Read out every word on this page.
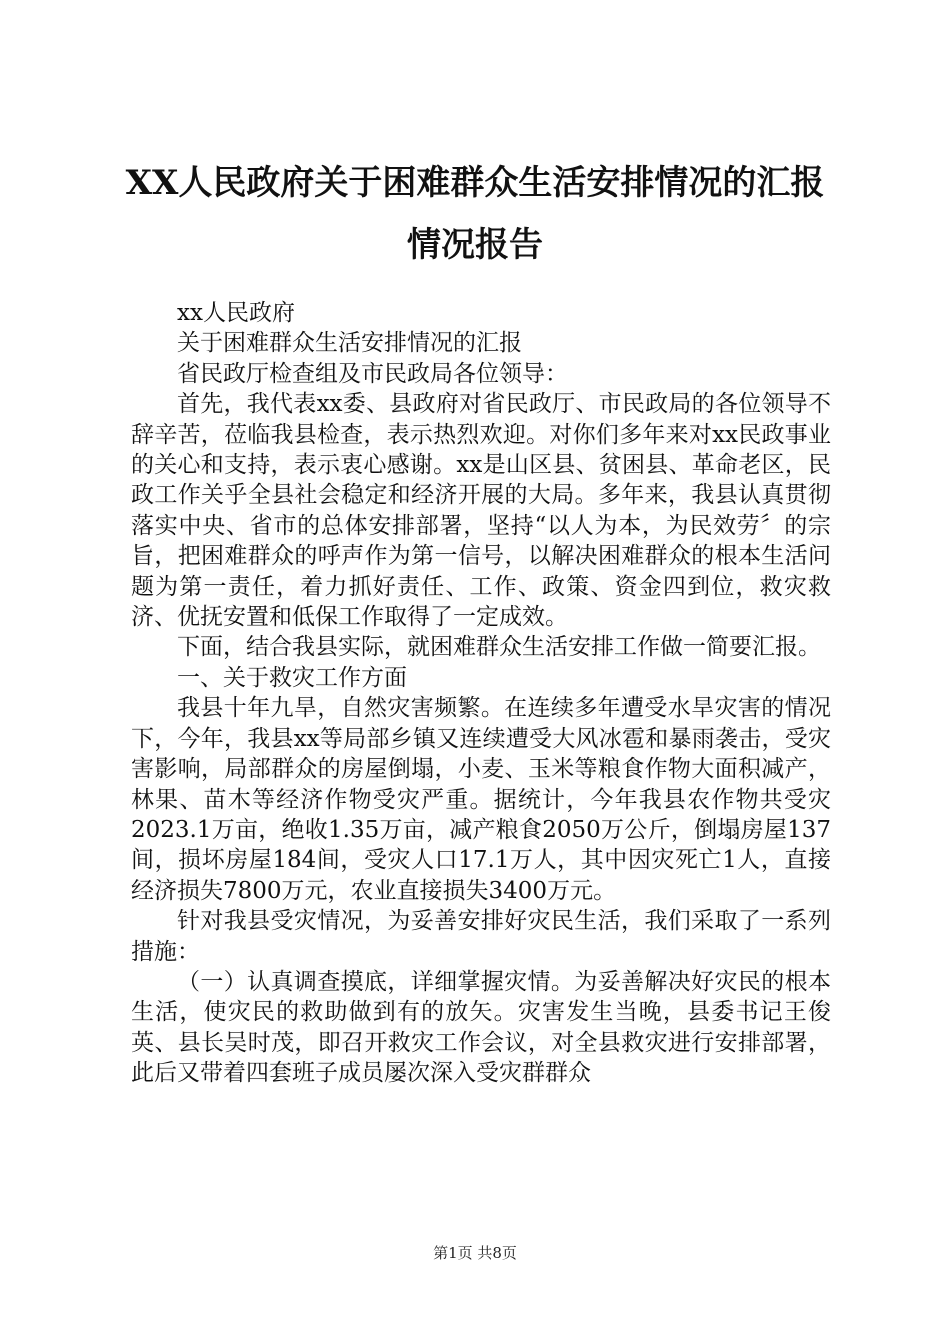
XX人民政府关于困难群众生活安排情况的汇报情况报告

xx人民政府

关于困难群众生活安排情况的汇报

省民政厅检查组及市民政局各位领导：

首先，我代表xx委、县政府对省民政厅、市民政局的各位领导不辞辛苦，莅临我县检查，表示热烈欢迎。对你们多年来对xx民政事业的关心和支持，表示衷心感谢。xx是山区县、贫困县、革命老区，民政工作关乎全县社会稳定和经济开展的大局。多年来，我县认真贯彻落实中央、省市的总体安排部署，坚持“以人为本，为民效劳〞的宗旨，把困难群众的呼声作为第一信号，以解决困难群众的根本生活问题为第一责任，着力抓好责任、工作、政策、资金四到位，救灾救济、优抚安置和低保工作取得了一定成效。

下面，结合我县实际，就困难群众生活安排工作做一简要汇报。

一、关于救灾工作方面

我县十年九旱，自然灾害频繁。在连续多年遭受水旱灾害的情况下，今年，我县xx等局部乡镇又连续遭受大风冰雹和暴雨袭击，受灾害影响，局部群众的房屋倒塌，小麦、玉米等粮食作物大面积减产，林果、苗木等经济作物受灾严重。据统计，今年我县农作物共受灾2023.1万亩，绝收1.35万亩，减产粮食2050万公斤，倒塌房屋137间，损坏房屋184间，受灾人口17.1万人，其中因灾死亡1人，直接经济损失7800万元，农业直接损失3400万元。

针对我县受灾情况，为妥善安排好灾民生活，我们采取了一系列措施：

（一）认真调查摸底，详细掌握灾情。为妥善解决好灾民的根本生活，使灾民的救助做到有的放矢。灾害发生当晚，县委书记王俊英、县长吴时茂，即召开救灾工作会议，对全县救灾进行安排部署，此后又带着四套班子成员屡次深入受灾群群众

第1页 共8页
